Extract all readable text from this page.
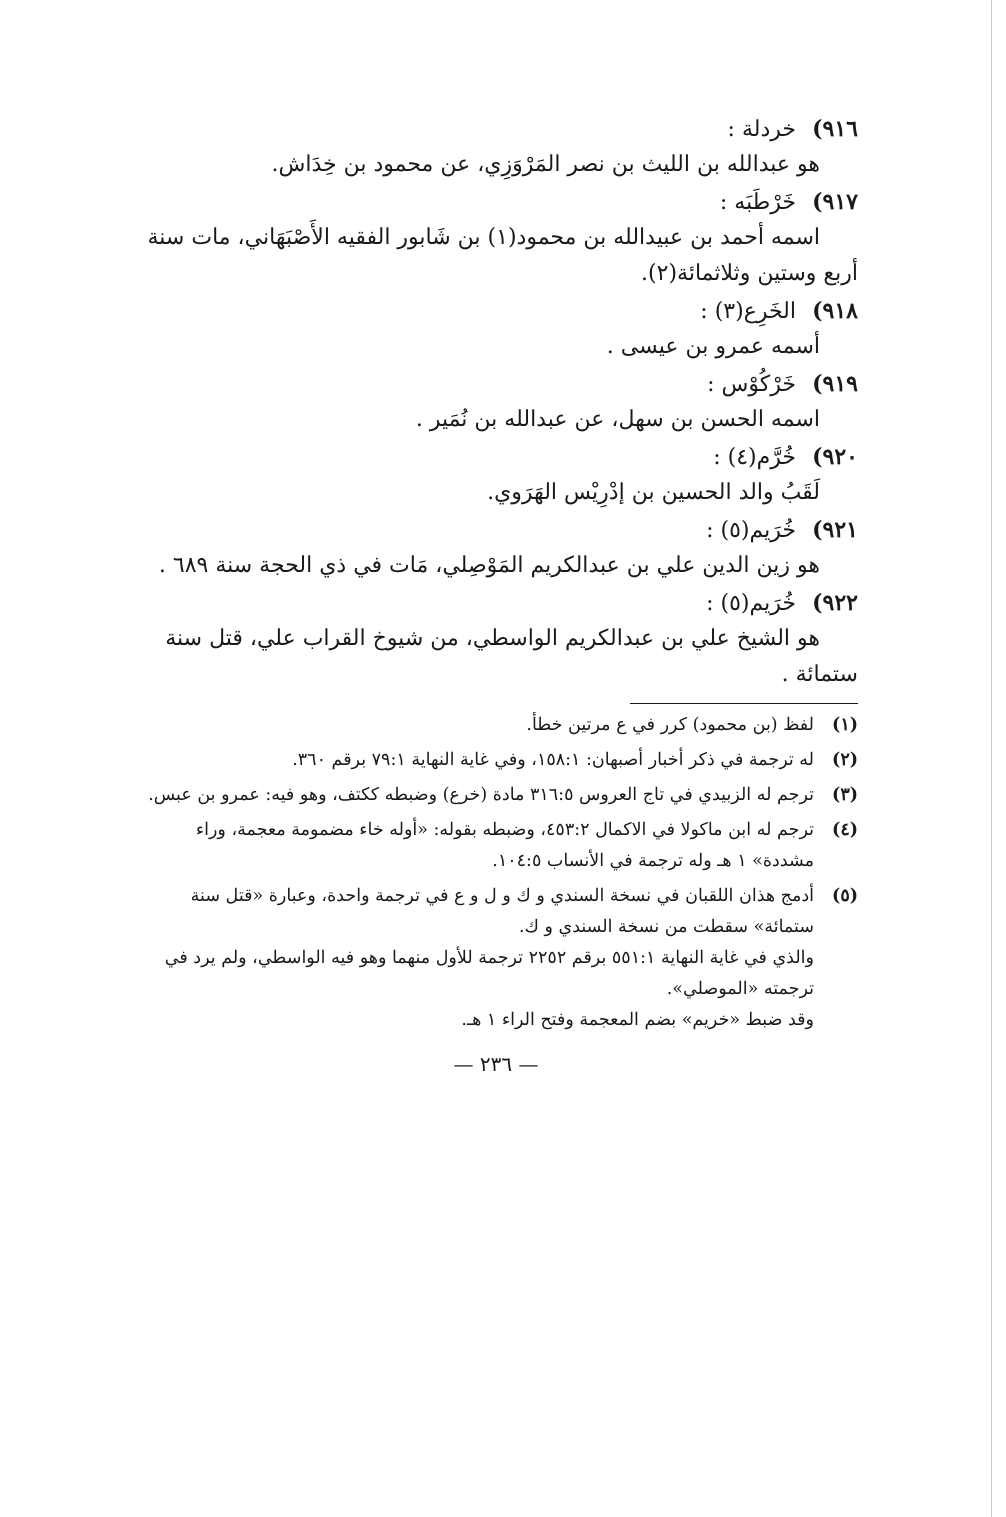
٩١٦)خردلة :
هو عبدالله بن الليث بن نصر المَرْوَزِي، عن محمود بن خِدَاش.
٩١٧)خَرْطَبَه :
اسمه أحمد بن عبيدالله بن محمود(١) بن شَابور الفقيه الأَصْبَهَاني، مات سنة أربع وستين وثلاثمائة(٢).
٩١٨)الخَرِع(٣) :
أسمه عمرو بن عيسى .
٩١٩)خَرْكُوْس :
اسمه الحسن بن سهل، عن عبدالله بن نُمَير .
٩٢٠)خُرَّم(٤) :
لَقَبُ والد الحسين بن إدْرِيْس الهَرَوي.
٩٢١)خُرَيم(٥) :
هو زين الدين علي بن عبدالكريم المَوْصِلي، مَات في ذي الحجة سنة ٦٨٩ .
٩٢٢)خُرَيم(٥) :
هو الشيخ علي بن عبدالكريم الواسطي، من شيوخ القراب علي، قتل سنة ستمائة .
(١)

لفظ (بن محمود) كرر في ع مرتين خطأ.

(٢)

له ترجمة في ذكر أخبار أصبهان: ١٥٨:١، وفي غاية النهاية ٧٩:١ برقم ٣٦٠.

(٣)

ترجم له الزبيدي في تاج العروس ٣١٦:٥ مادة (خرع) وضبطه ككتف، وهو فيه: عمرو بن عبس.

(٤)

ترجم له ابن ماكولا في الاكمال ٤٥٣:٢، وضبطه بقوله: «أوله خاء مضمومة معجمة، وراء مشددة» ١ هـ وله ترجمة في الأنساب ١٠٤:٥.

(٥)

أدمج هذان اللقبان في نسخة السندي و ك و ل و ع في ترجمة واحدة، وعبارة «قتل سنة ستمائة» سقطت من نسخة السندي و ك.

والذي في غاية النهاية ٥٥١:١ برقم ٢٢٥٢ ترجمة للأول منهما وهو فيه الواسطي، ولم يرد في ترجمته «الموصلي».

وقد ضبط «خريم» بضم المعجمة وفتح الراء ١ هـ.

— ٢٣٦ —
